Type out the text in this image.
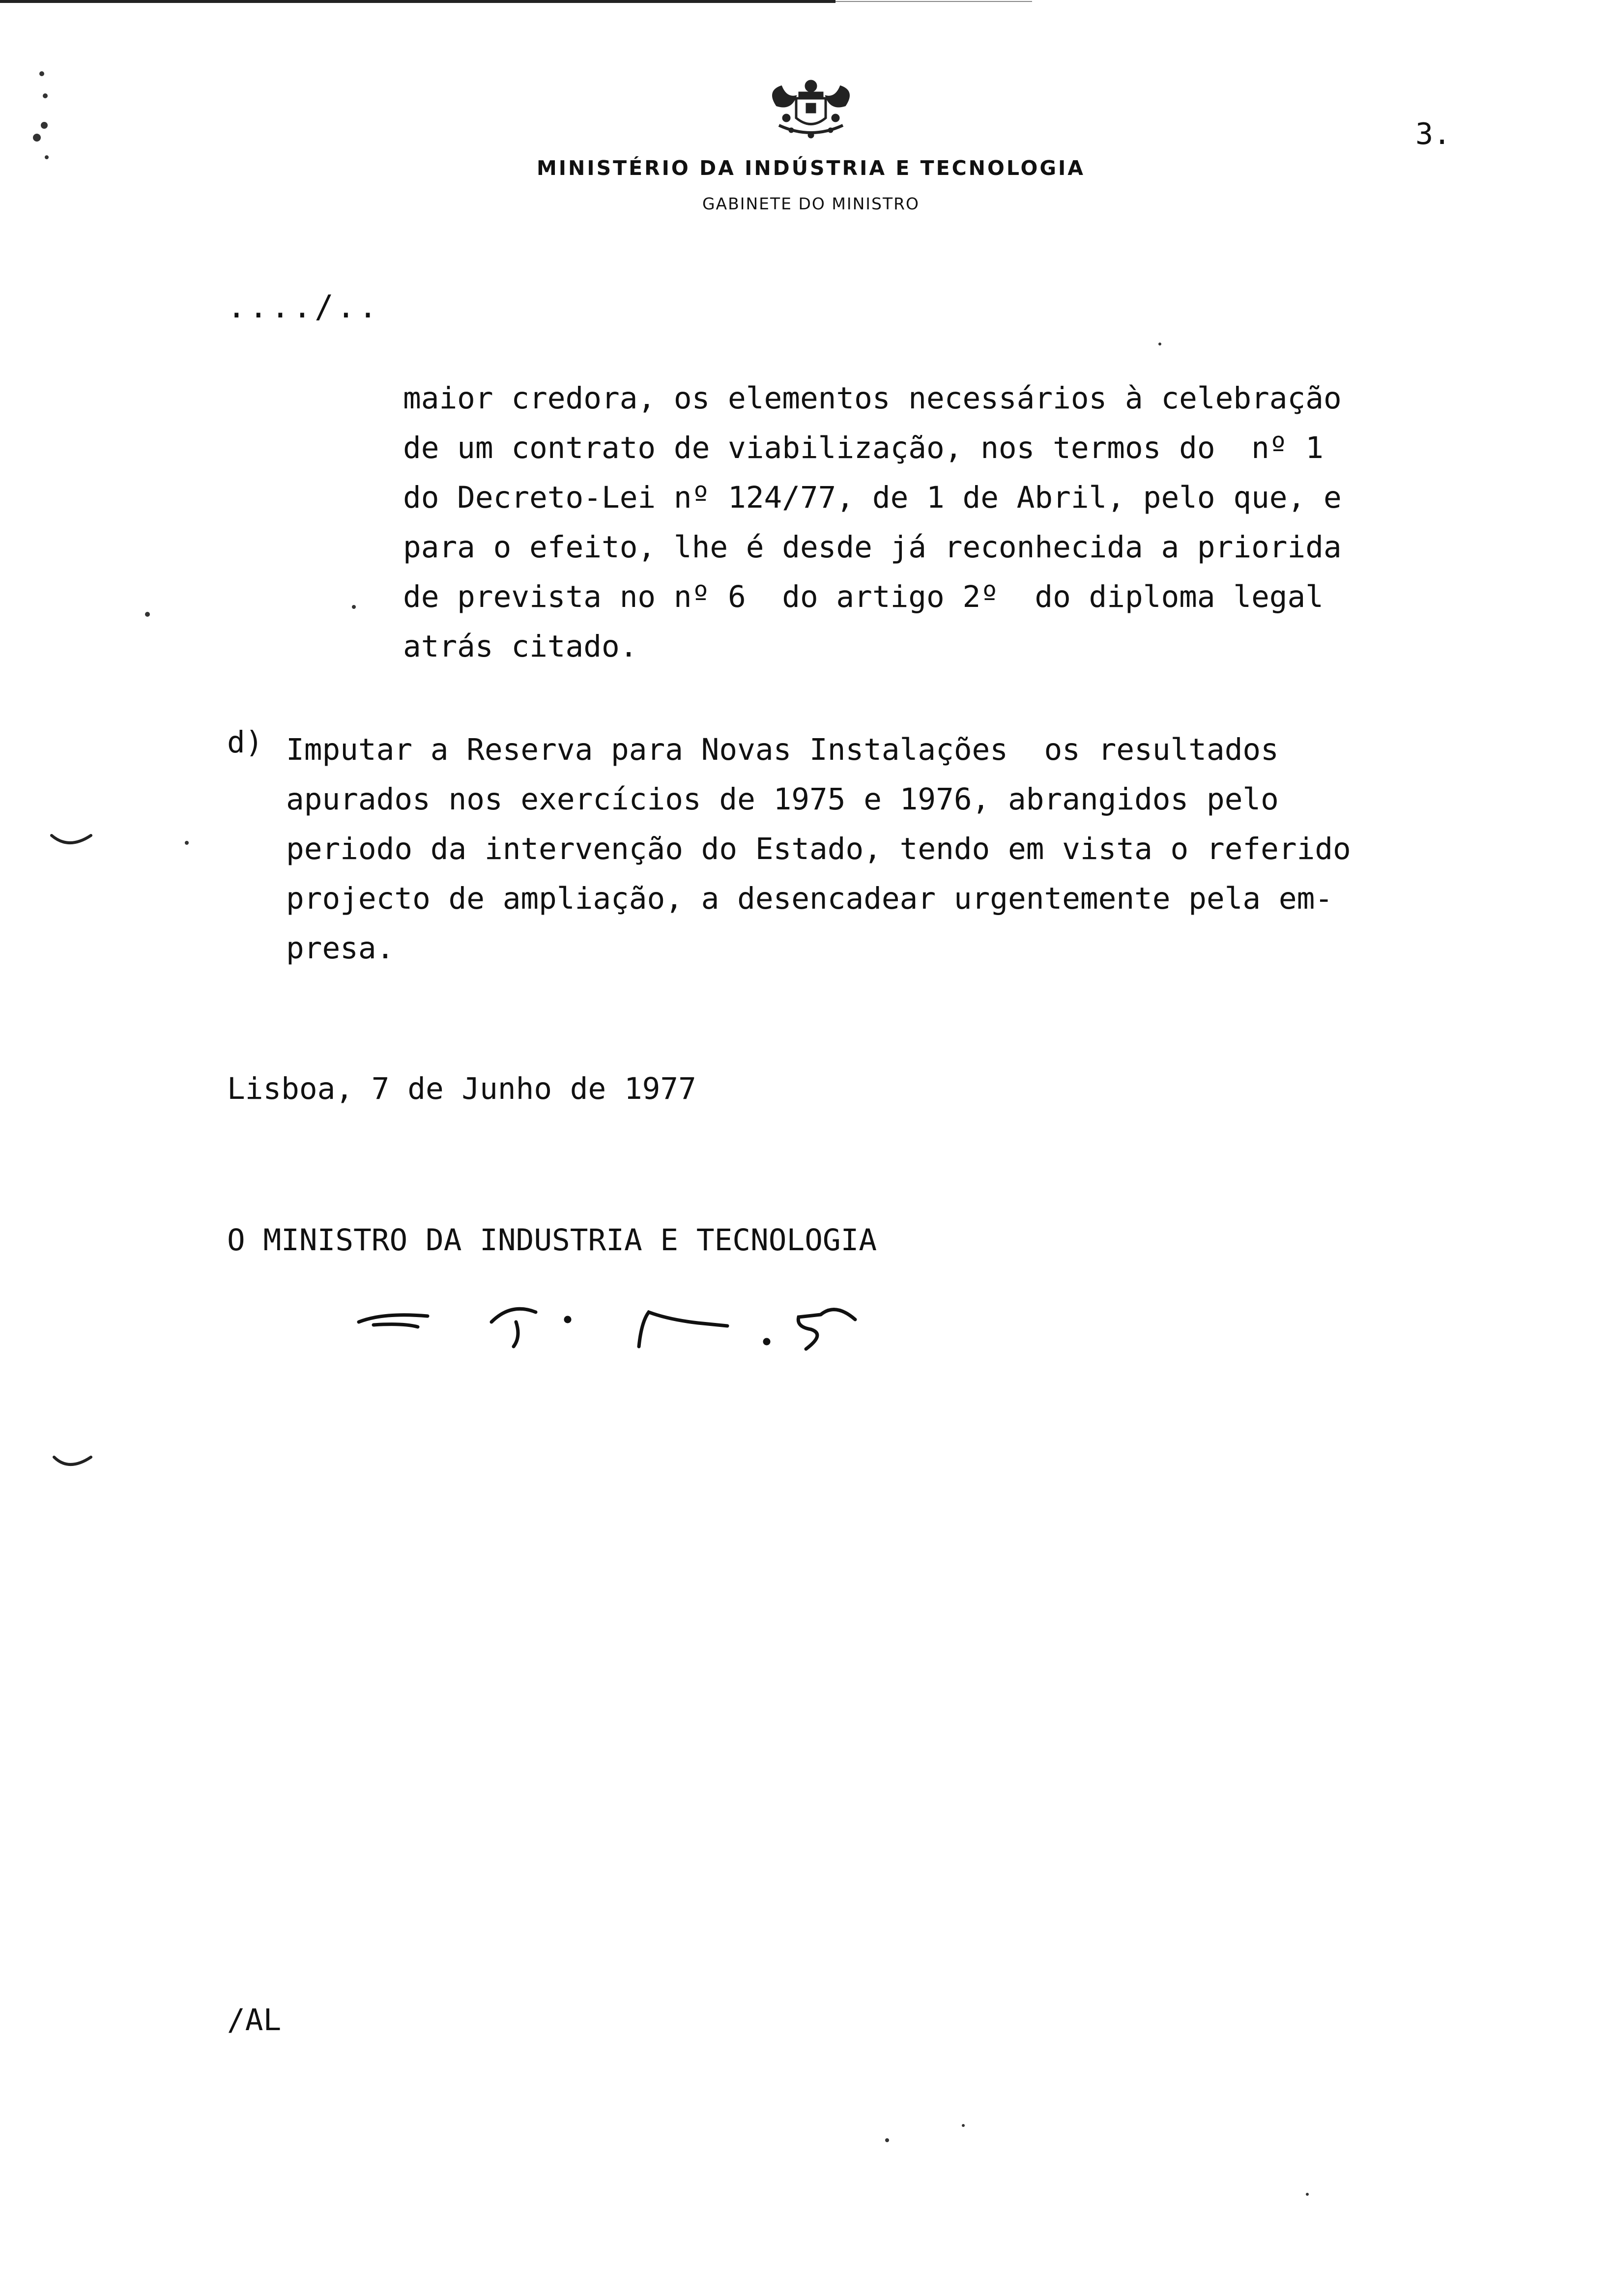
MINISTÉRIO DA INDÚSTRIA E TECNOLOGIA
GABINETE DO MINISTRO
3.
..../..
maior credora, os elementos necessários à celebração
de um contrato de viabilização, nos termos do  nº 1
do Decreto-Lei nº 124/77, de 1 de Abril, pelo que, e
para o efeito, lhe é desde já reconhecida a priorida
de prevista no nº 6  do artigo 2º  do diploma legal
atrás citado.
d) Imputar a Reserva para Novas Instalações  os resultados
apurados nos exercícios de 1975 e 1976, abrangidos pelo
periodo da intervenção do Estado, tendo em vista o referido
projecto de ampliação, a desencadear urgentemente pela em-
presa.
Lisboa, 7 de Junho de 1977
O MINISTRO DA INDUSTRIA E TECNOLOGIA
/AL
